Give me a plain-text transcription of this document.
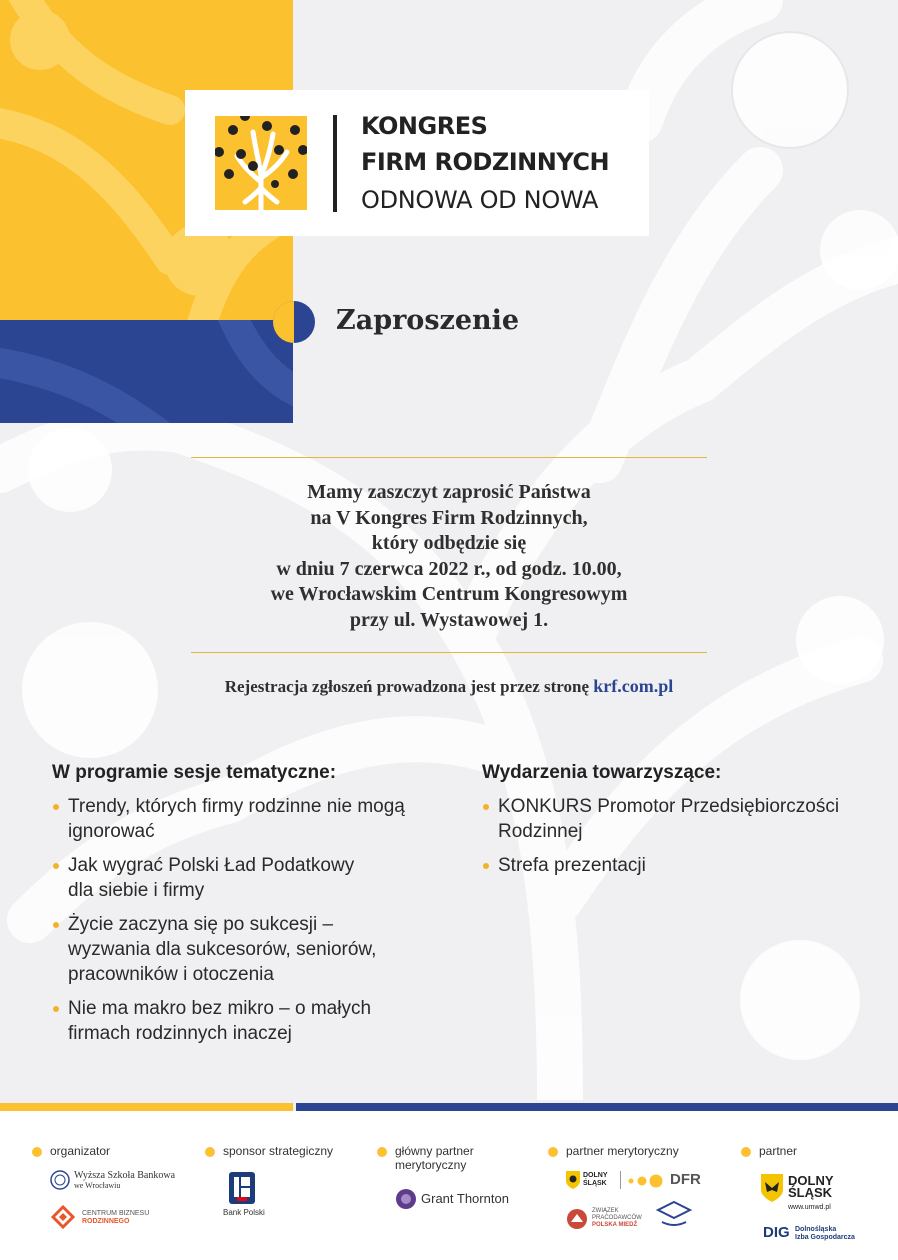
KONGRES
FIRM RODZINNYCH
ODNOWA OD NOWA
Zaproszenie
Mamy zaszczyt zaprosić Państwa
na V Kongres Firm Rodzinnych,
który odbędzie się
w dniu 7 czerwca 2022 r., od godz. 10.00,
we Wrocławskim Centrum Kongresowym
przy ul. Wystawowej 1.
Rejestracja zgłoszeń prowadzona jest przez stronę krf.com.pl
W programie sesje tematyczne:
Trendy, których firmy rodzinne nie mogą
ignorować
Jak wygrać Polski Ład Podatkowy
dla siebie i firmy
Życie zaczyna się po sukcesji –
wyzwania dla sukcesorów, seniorów,
pracowników i otoczenia
Nie ma makro bez mikro – o małych
firmach rodzinnych inaczej
Wydarzenia towarzyszące:
KONKURS Promotor Przedsiębiorczości
Rodzinnej
Strefa prezentacji
organizator
Wyższa Szkoła Bankowa
we Wrocławiu
CENTRUM BIZNESU
RODZINNEGO
sponsor strategiczny
Bank Polski
główny partner
merytoryczny
Grant Thornton
partner merytoryczny
DOLNY
ŚLĄSK	DFR
ZWIĄZEK
PRACODAWCÓW
POLSKA MIEDŹ
partner
DOLNY
ŚLĄSK
www.umwd.pl
DIG Dolnośląska
Izba Gospodarcza
